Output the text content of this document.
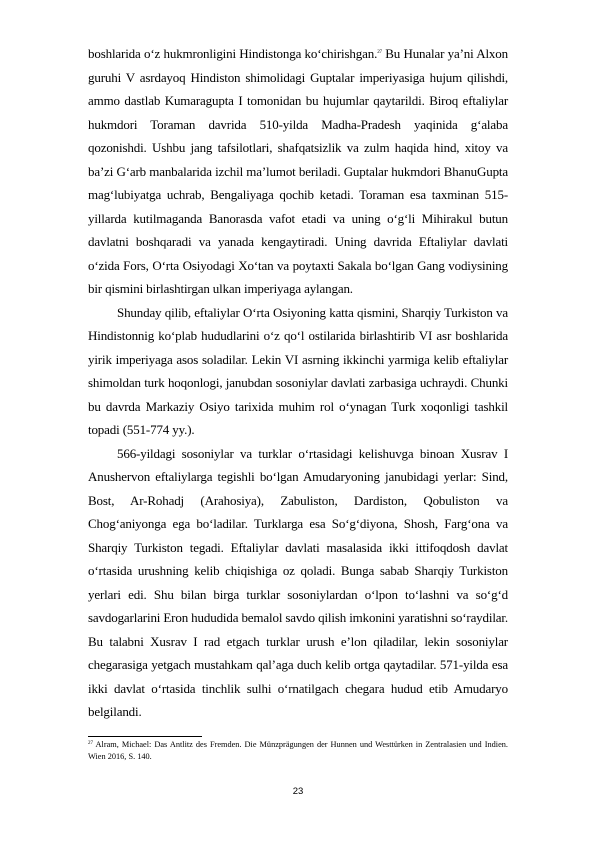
boshlarida o‘z hukmronligini Hindistonga ko‘chirishgan.$^{27}$ Bu Hunalar ya’ni Alxon guruhi V asrdayoq Hindiston shimolidagi Guptalar imperiyasiga hujum qilishdi, ammo dastlab Kumaragupta I tomonidan bu hujumlar qaytarildi. Biroq eftaliylar hukmdori Toraman davrida 510-yilda Madha-Pradesh yaqinida g‘alaba qozonishdi. Ushbu jang tafsilotlari, shafqatsizlik va zulm haqida hind, xitoy va ba’zi G‘arb manbalarida izchil ma’lumot beriladi. Guptalar hukmdori BhanuGupta mag‘lubiyatga uchrab, Bengaliyaga qochib ketadi. Toraman esa taxminan 515-yillarda kutilmaganda Banorasda vafot etadi va uning o‘g‘li Mihirakul butun davlatni boshqaradi va yanada kengaytiradi. Uning davrida Eftaliylar davlati o‘zida Fors, O‘rta Osiyodagi Xo‘tan va poytaxti Sakala bo‘lgan Gang vodiysining bir qismini birlashtirgan ulkan imperiyaga aylangan.

Shunday qilib, eftaliylar O‘rta Osiyoning katta qismini, Sharqiy Turkiston va Hindistonnig ko‘plab hududlarini o‘z qo‘l ostilarida birlashtirib VI asr boshlarida yirik imperiyaga asos soladilar. Lekin VI asrning ikkinchi yarmiga kelib eftaliylar shimoldan turk hoqonlogi, janubdan sosoniylar davlati zarbasiga uchraydi. Chunki bu davrda Markaziy Osiyo tarixida muhim rol o‘ynagan Turk xoqonligi tashkil topadi (551-774 yy.).

566-yildagi sosoniylar va turklar o‘rtasidagi kelishuvga binoan Xusrav I Anushervon eftaliylarga tegishli bo‘lgan Amudaryoning janubidagi yerlar: Sind, Bost, Ar-Rohadj (Arahosiya), Zabuliston, Dardiston, Qobuliston va Chog‘aniyonga ega bo‘ladilar. Turklarga esa So‘g‘diyona, Shosh, Farg‘ona va Sharqiy Turkiston tegadi. Eftaliylar davlati masalasida ikki ittifoqdosh davlat o‘rtasida urushning kelib chiqishiga oz qoladi. Bunga sabab Sharqiy Turkiston yerlari edi. Shu bilan birga turklar sosoniylardan o‘lpon to‘lashni va so‘g‘d savdogarlarini Eron hududida bemalol savdo qilish imkonini yaratishni so‘raydilar. Bu talabni Xusrav I rad etgach turklar urush e’lon qiladilar, lekin sosoniylar chegarasiga yetgach mustahkam qal’aga duch kelib ortga qaytadilar. 571-yilda esa ikki davlat o‘rtasida tinchlik sulhi o‘rnatilgach chegara hudud etib Amudaryo belgilandi.

$^{27}$ Alram, Michael: Das Antlitz des Fremden. Die Münzprägungen der Hunnen und Westtürken in Zentralasien und Indien. Wien 2016, S. 140.

23
